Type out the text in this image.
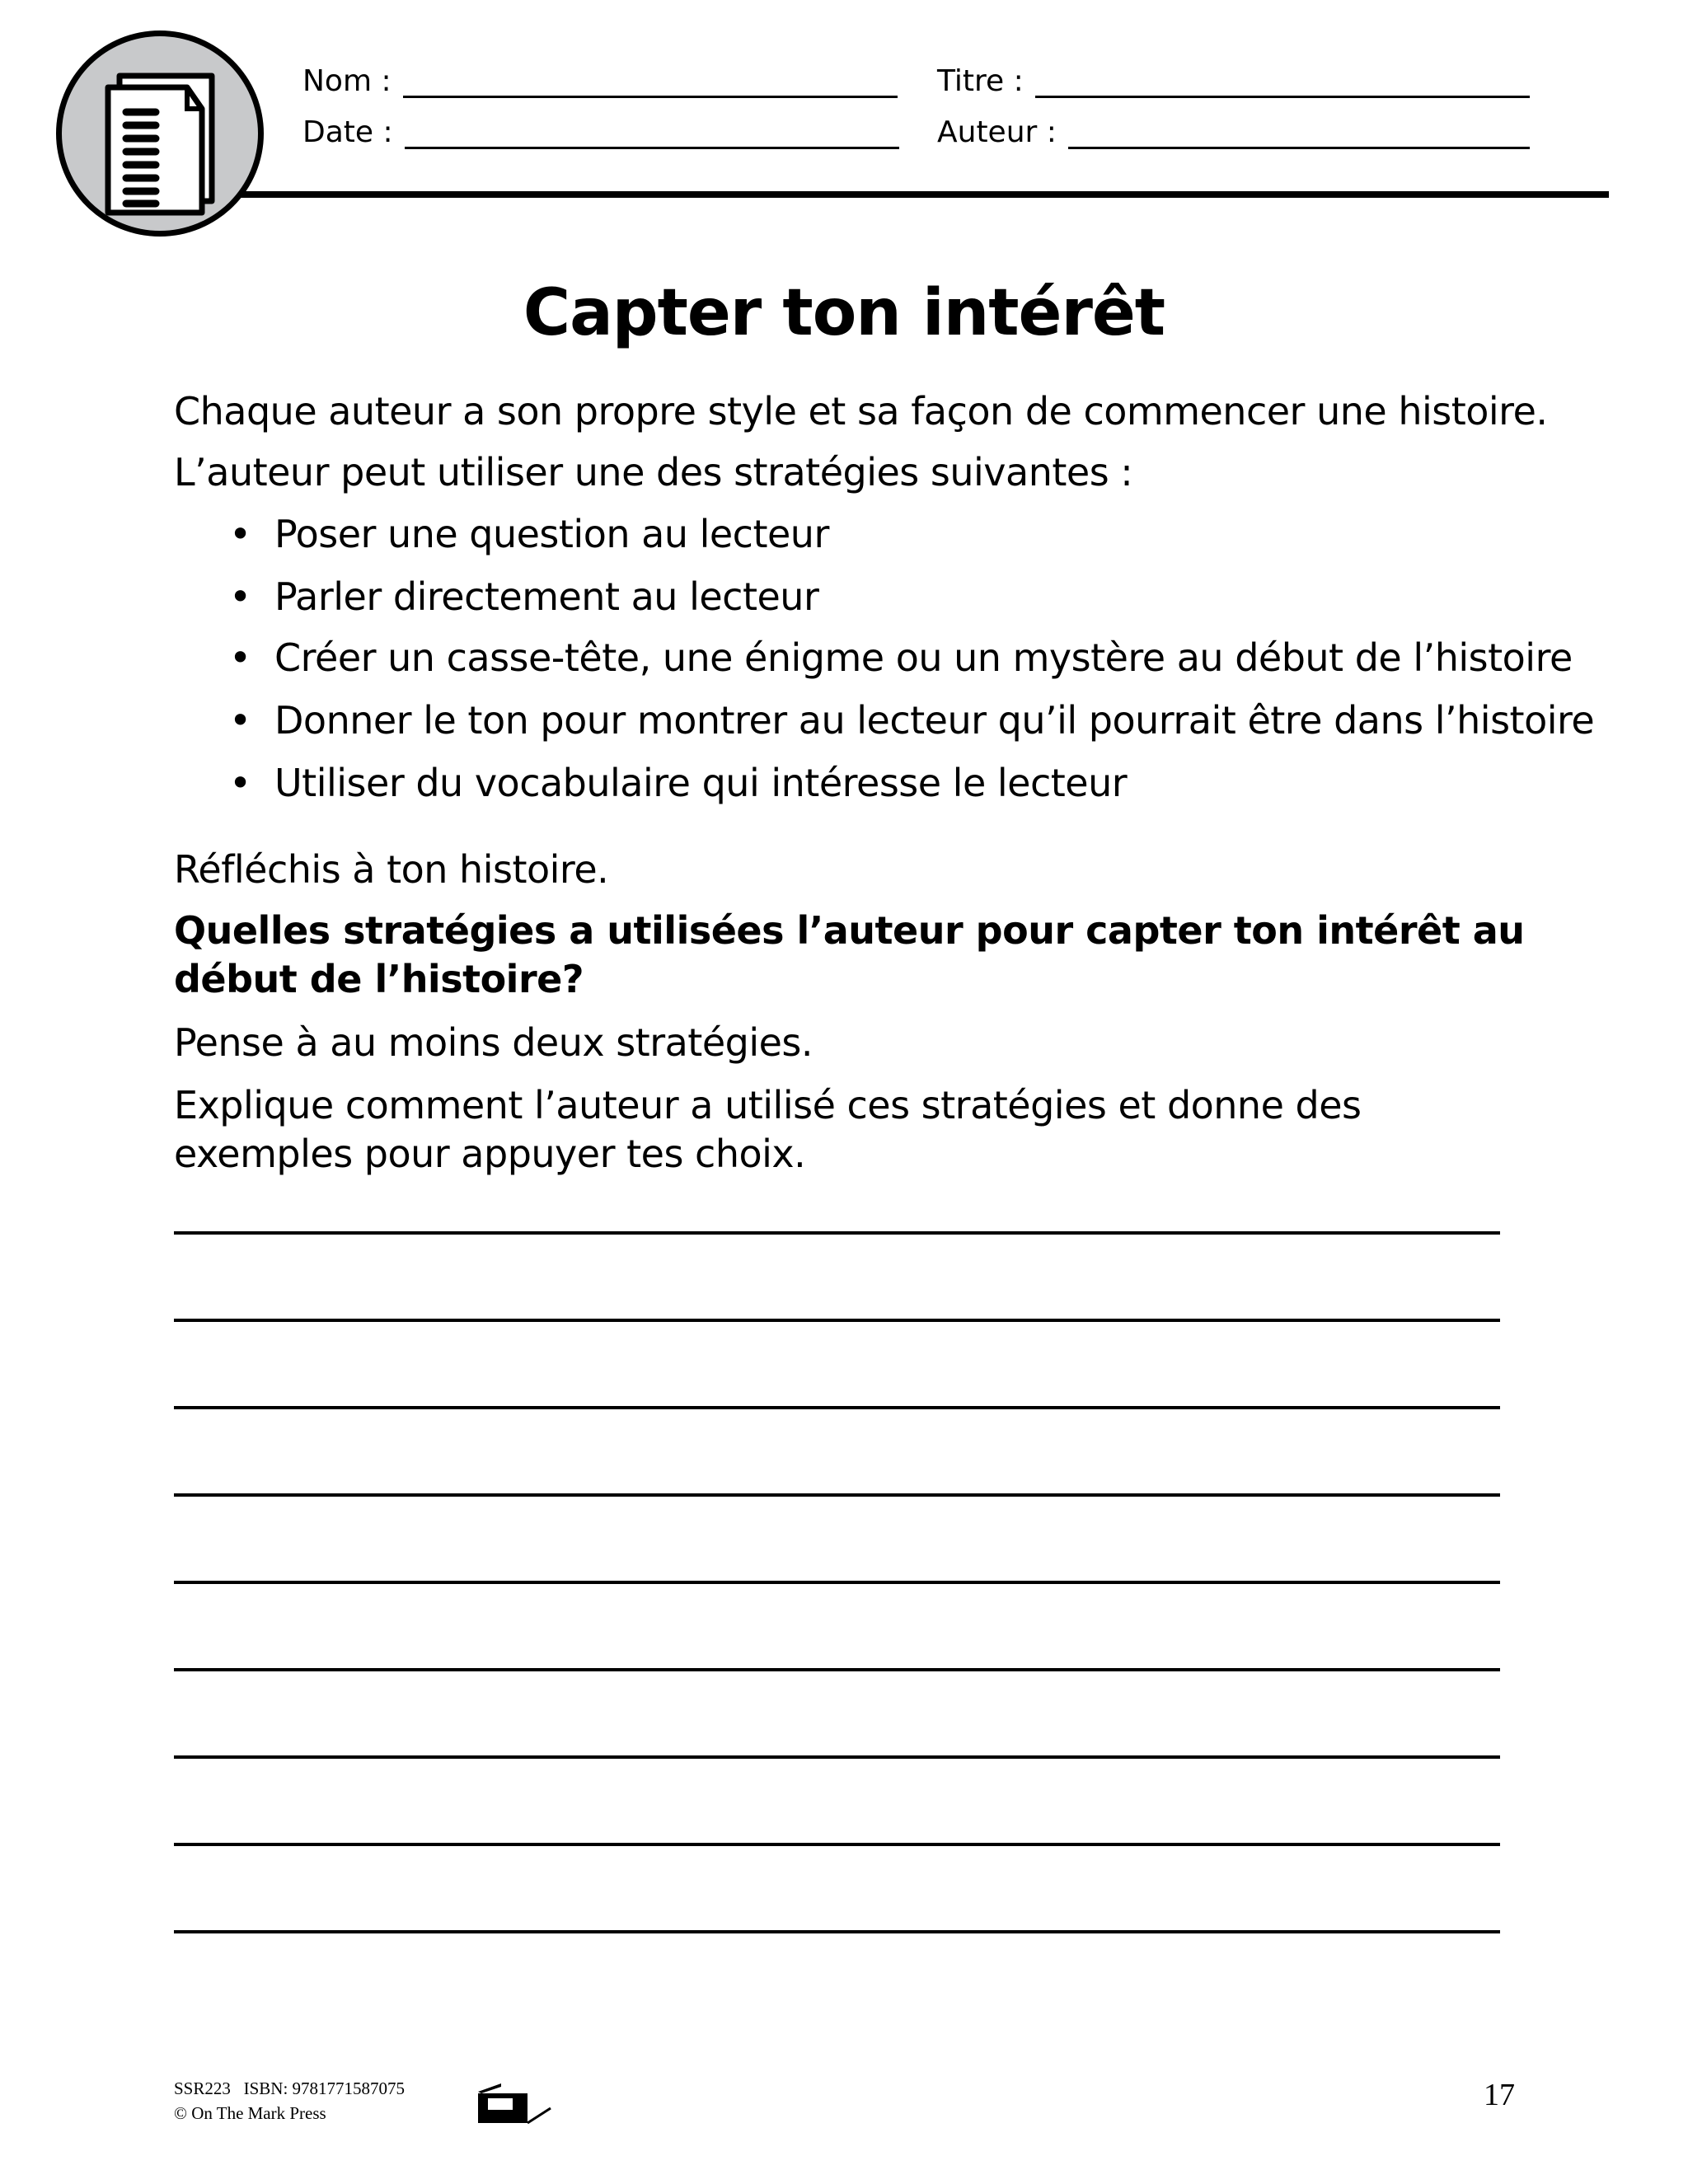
Nom :
Date :
Titre :
Auteur :
Capter ton intérêt
Chaque auteur a son propre style et sa façon de commencer une histoire.
L’auteur peut utiliser une des stratégies suivantes :
• Poser une question au lecteur
• Parler directement au lecteur
• Créer un casse-tête, une énigme ou un mystère au début de l’histoire
• Donner le ton pour montrer au lecteur qu’il pourrait être dans l’histoire
• Utiliser du vocabulaire qui intéresse le lecteur
Réfléchis à ton histoire.
Quelles stratégies a utilisées l’auteur pour capter ton intérêt au
début de l’histoire?
Pense à au moins deux stratégies.
Explique comment l’auteur a utilisé ces stratégies et donne des
exemples pour appuyer tes choix.
SSR223 ISBN: 9781771587075
© On The Mark Press
17
